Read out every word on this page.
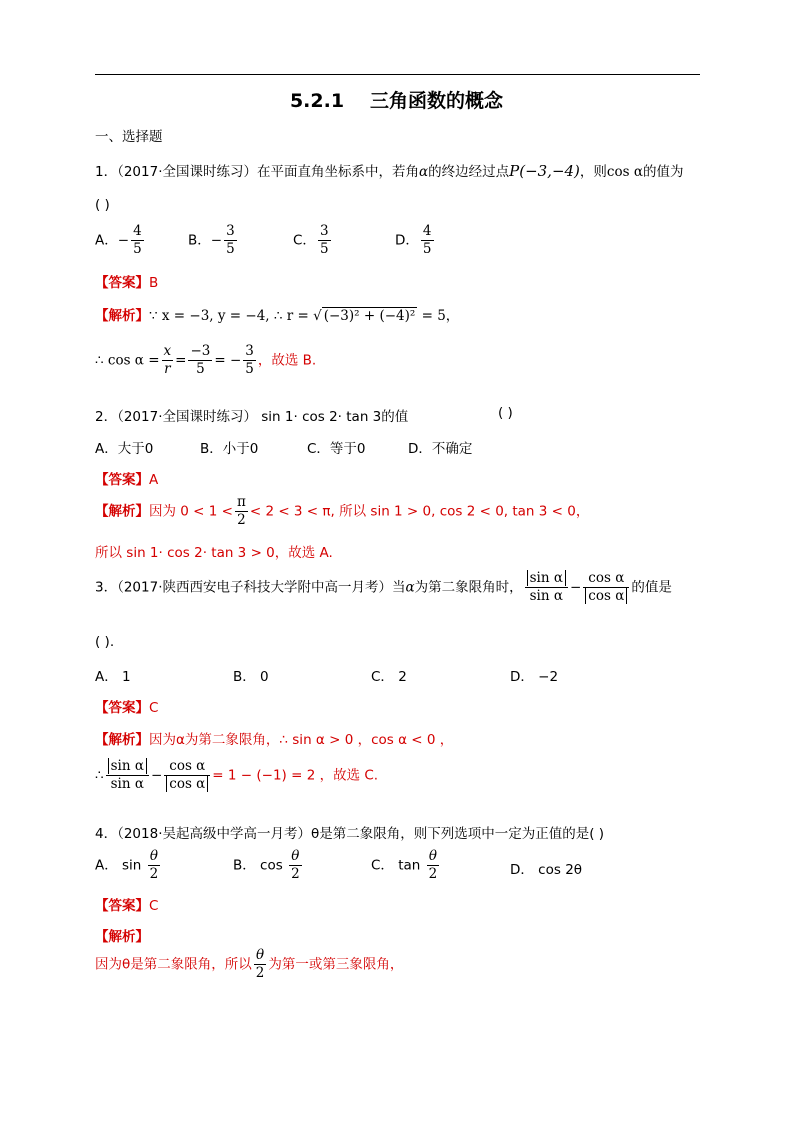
5.2.1 三角函数的概念
一、选择题
1．（2017·全国课时练习）在平面直角坐标系中，若角α的终边经过点P(−3,−4)，则cos α的值为
( )
A．− $\frac{4}{5}$	B．− $\frac{3}{5}$	C． $\frac{3}{5}$	D． $\frac{4}{5}$
【答案】B
【解析】∵ x = −3, y = −4, ∴ r = √ (−3)² + (−4)² = 5，
∴ $\cos \alpha = \frac{x}{r} = \frac{-3}{5}$ = − $\frac{3}{5}$ ，故选 B.
2．（2017·全国课时练习） sin 1· cos 2· tan 3的值	( )
A．大于0	B．小于0	C．等于0	D．不确定
【答案】A
【解析】因为 $0 < 1 < \frac{\pi}{2} < 2 < 3 < \pi$, 所以 sin 1 > 0, cos 2 < 0, tan 3 < 0，
所以 sin 1· cos 2· tan 3 > 0，故选 A.
3．（2017·陕西西安电子科技大学附中高一月考）当α为第二象限角时， $\frac{\text{sin α}}{\text{sin α}} - \frac{\text{cos α}}{\text{cos α}}$ 的值是
( ).
A． 1	B． 0	C． 2	D． −2
【答案】C
【解析】因为α为第二象限角，∴ sin α > 0 ，cos α < 0 ，
∴ $\frac{\text{sin α}}{\text{sin α}} - \frac{\text{cos α}}{\text{cos α}} = 1 - (-1) = 2$ ，故选 C.
4．（2018·吴起高级中学高一月考）θ是第二象限角，则下列选项中一定为正值的是( )
A． $\sin \frac{\theta}{2}$	B． $\cos \frac{\theta}{2}$	C． $\tan \frac{\theta}{2}$	D． cos 2θ
【答案】C
【解析】
因为θ是第二象限角，所以 $\frac{\theta}{2}$ 为第一或第三象限角，
